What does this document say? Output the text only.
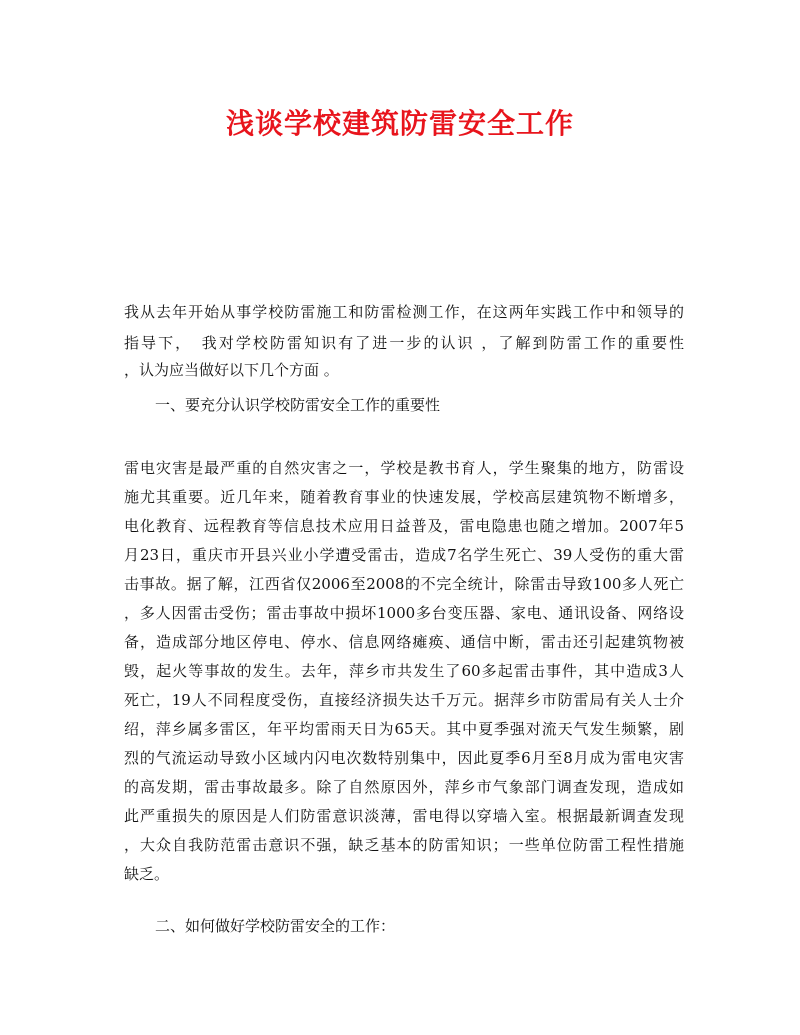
浅谈学校建筑防雷安全工作
我从去年开始从事学校防雷施工和防雷检测工作，在这两年实践工作中和领导的
指导下，　我对学校防雷知识有了进一步的认识 ，了解到防雷工作的重要性
，认为应当做好以下几个方面 。
一、要充分认识学校防雷安全工作的重要性
雷电灾害是最严重的自然灾害之一，学校是教书育人，学生聚集的地方，防雷设
施尤其重要。近几年来，随着教育事业的快速发展，学校高层建筑物不断增多，
电化教育、远程教育等信息技术应用日益普及，雷电隐患也随之增加。2007年5
月23日，重庆市开县兴业小学遭受雷击，造成7名学生死亡、39人受伤的重大雷
击事故。据了解，江西省仅2006至2008的不完全统计，除雷击导致100多人死亡
，多人因雷击受伤；雷击事故中损坏1000多台变压器、家电、通讯设备、网络设
备，造成部分地区停电、停水、信息网络瘫痪、通信中断，雷击还引起建筑物被
毁，起火等事故的发生。去年，萍乡市共发生了60多起雷击事件，其中造成3人
死亡，19人不同程度受伤，直接经济损失达千万元。据萍乡市防雷局有关人士介
绍，萍乡属多雷区，年平均雷雨天日为65天。其中夏季强对流天气发生频繁，剧
烈的气流运动导致小区域内闪电次数特别集中，因此夏季6月至8月成为雷电灾害
的高发期，雷击事故最多。除了自然原因外，萍乡市气象部门调查发现，造成如
此严重损失的原因是人们防雷意识淡薄，雷电得以穿墙入室。根据最新调查发现
，大众自我防范雷击意识不强，缺乏基本的防雷知识；一些单位防雷工程性措施
缺乏。
二、如何做好学校防雷安全的工作：
